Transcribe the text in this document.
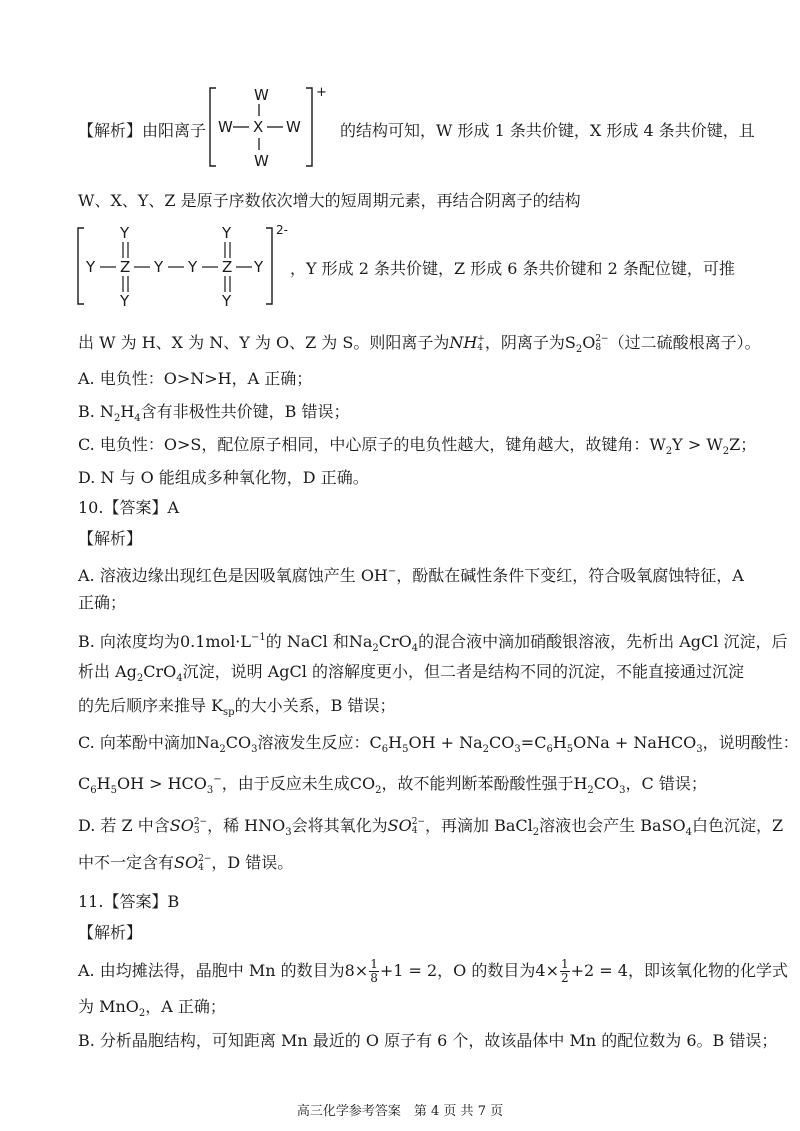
【解析】由阳离子
W
W X W
W
+
的结构可知，W 形成 1 条共价键，X 形成 4 条共价键，且
W、X、Y、Z 是原子序数依次增大的短周期元素，再结合阴离子的结构
Y	Y
Y Z Y Y Z Y
Y	Y
2-
，Y 形成 2 条共价键，Z 形成 6 条共价键和 2 条配位键，可推
出 W 为 H、X 为 N、Y 为 O、Z 为 S。则阳离子为NH +
4 ，阴离子为$S_2O$ 2−
8 （过二硫酸根离子）。
A. 电负性：O>N>H，A 正确；
B. $N_2H_4$含有非极性共价键，B 错误；
C. 电负性：O>S，配位原子相同，中心原子的电负性越大，键角越大，故键角：$W_2Y > W_2Z$；
D. N 与 O 能组成多种氧化物，D 正确。
10.【答案】A
【解析】
A. 溶液边缘出现红色是因吸氧腐蚀产生 OH−，酚酞在碱性条件下变红，符合吸氧腐蚀特征，A
正确；
B. 向浓度均为$0.1mol\cdot L^{-1}$的 NaCl 和$Na_2CrO_4$的混合液中滴加硝酸银溶液，先析出 AgCl 沉淀，后
析出 $Ag_2CrO_4$沉淀，说明 AgCl 的溶解度更小，但二者是结构不同的沉淀，不能直接通过沉淀
的先后顺序来推导 $K_{sp}$的大小关系，B 错误；
C. 向苯酚中滴加$Na_2CO_3$溶液发生反应：$C_6H_5OH + Na_2CO_3=C_6H_5ONa$ + NaHCO$_3$，说明酸性：
$C_6H_5OH > HCO_3^-$，由于反应未生成$CO_2$，故不能判断苯酚酸性强于$H_2CO_3$，C 错误；
D. 若 Z 中含SO 2−
3 ，稀 $HNO_3$会将其氧化为SO 2−
4 ，再滴加 BaCl$_2$溶液也会产生 BaSO$_4$白色沉淀，Z
中不一定含有SO 2−
4 ，D 错误。
11.【答案】B
【解析】
A. 由均摊法得，晶胞中 Mn 的数目为$8\times \frac{1}{8} +1 = 2$，O 的数目为$4\times \frac{1}{2} +2 = 4$，即该氧化物的化学式
为 MnO$_2$，A 正确；
B. 分析晶胞结构，可知距离 Mn 最近的 O 原子有 6 个，故该晶体中 Mn 的配位数为 6。B 错误；
高三化学参考答案　第 4 页 共 7 页
